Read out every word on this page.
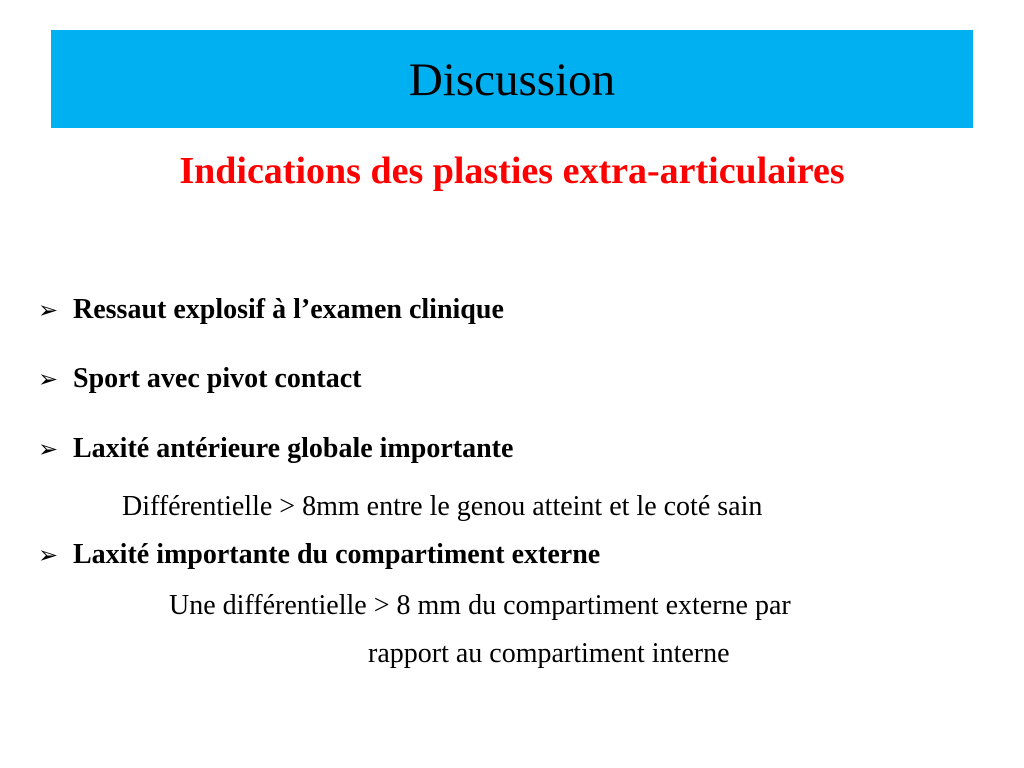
Discussion
Indications des plasties extra-articulaires
➢ Ressaut explosif à l’examen clinique
➢ Sport avec pivot contact
➢ Laxité antérieure globale importante
Différentielle > 8mm entre le genou atteint et le coté sain
➢ Laxité importante du compartiment externe
Une différentielle > 8 mm du compartiment externe par
rapport au compartiment interne
